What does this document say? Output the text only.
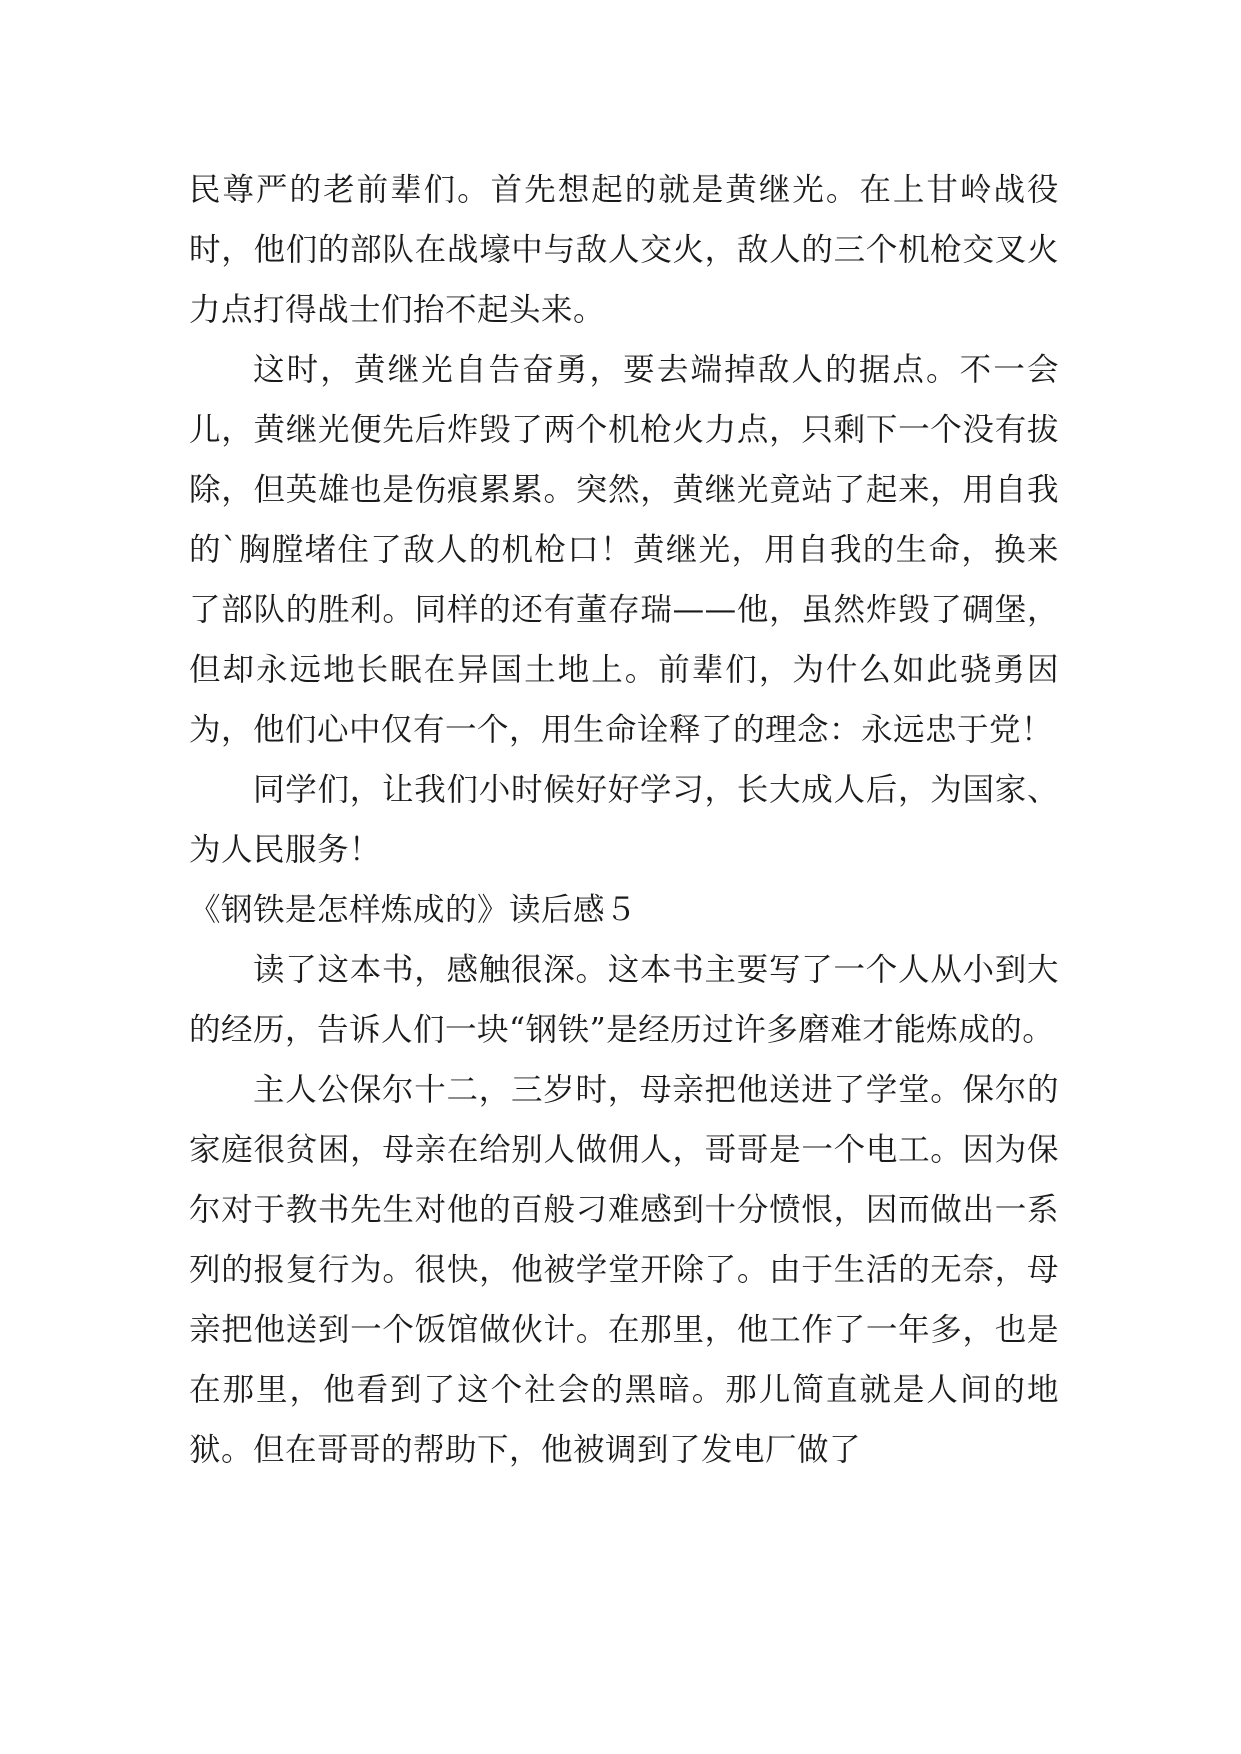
民尊严的老前辈们。首先想起的就是黄继光。在上甘岭战役时，他们的部队在战壕中与敌人交火，敌人的三个机枪交叉火力点打得战士们抬不起头来。

这时，黄继光自告奋勇，要去端掉敌人的据点。不一会儿，黄继光便先后炸毁了两个机枪火力点，只剩下一个没有拔除，但英雄也是伤痕累累。突然，黄继光竟站了起来，用自我的`胸膛堵住了敌人的机枪口！黄继光，用自我的生命，换来了部队的胜利。同样的还有董存瑞——他，虽然炸毁了碉堡，但却永远地长眠在异国土地上。前辈们，为什么如此骁勇因为，他们心中仅有一个，用生命诠释了的理念：永远忠于党！

同学们，让我们小时候好好学习，长大成人后，为国家、为人民服务！

《钢铁是怎样炼成的》读后感５

读了这本书，感触很深。这本书主要写了一个人从小到大的经历，告诉人们一块“钢铁”是经历过许多磨难才能炼成的。

主人公保尔十二，三岁时，母亲把他送进了学堂。保尔的家庭很贫困，母亲在给别人做佣人，哥哥是一个电工。因为保尔对于教书先生对他的百般刁难感到十分愤恨，因而做出一系列的报复行为。很快，他被学堂开除了。由于生活的无奈，母亲把他送到一个饭馆做伙计。在那里，他工作了一年多，也是在那里，他看到了这个社会的黑暗。那儿简直就是人间的地狱。但在哥哥的帮助下，他被调到了发电厂做了
